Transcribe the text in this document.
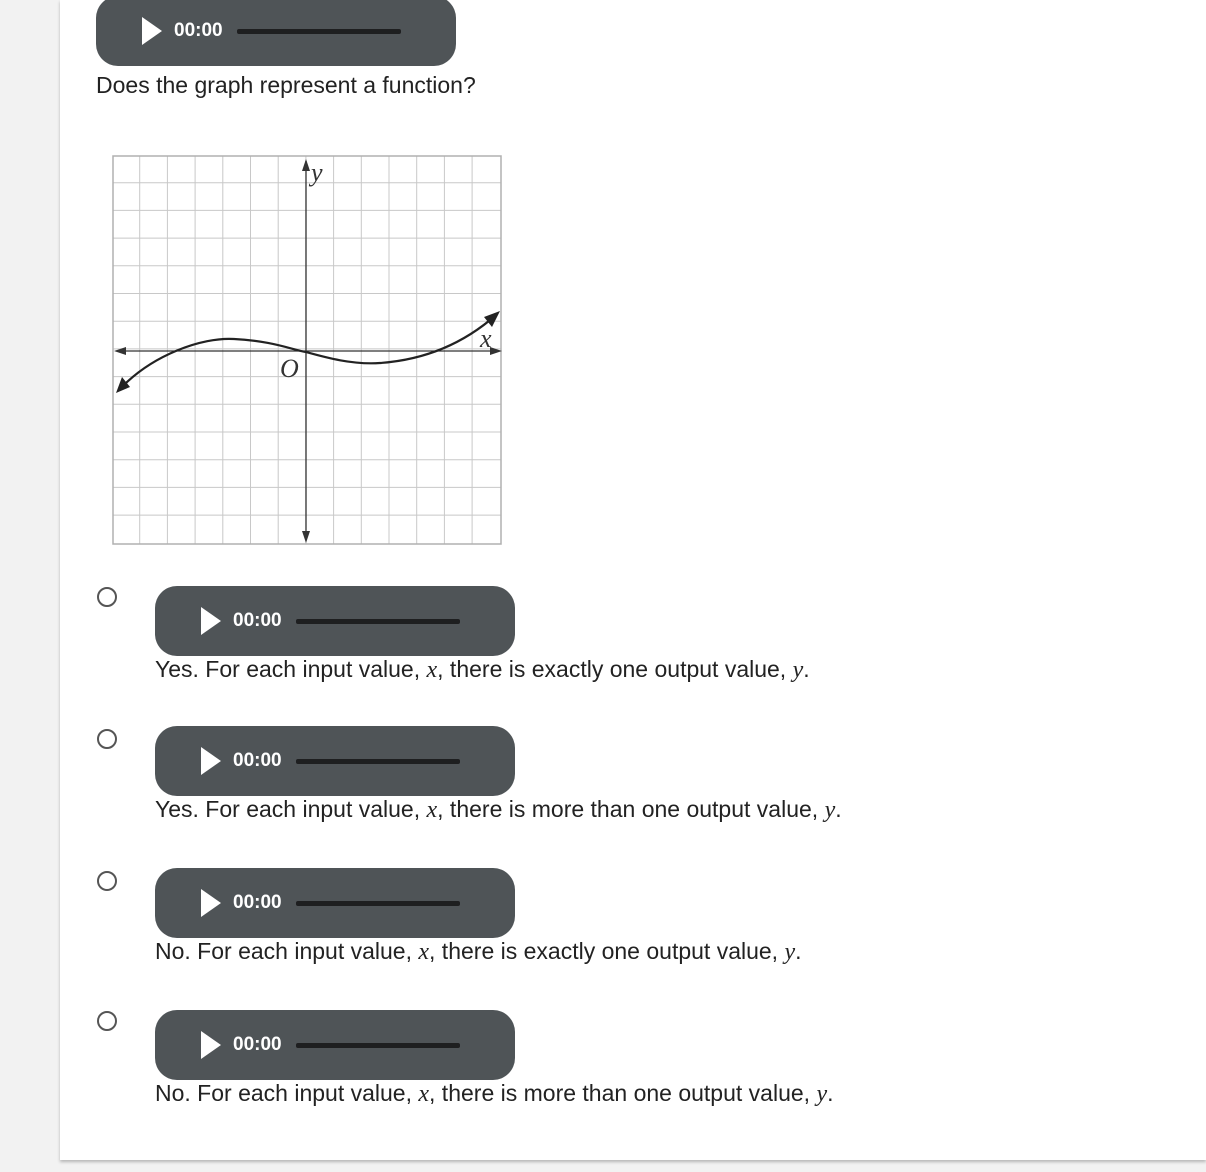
00:00
Does the graph represent a function?
y
x
O
00:00
Yes. For each input value, x, there is exactly one output value, y.
00:00
Yes. For each input value, x, there is more than one output value, y.
00:00
No. For each input value, x, there is exactly one output value, y.
00:00
No. For each input value, x, there is more than one output value, y.
